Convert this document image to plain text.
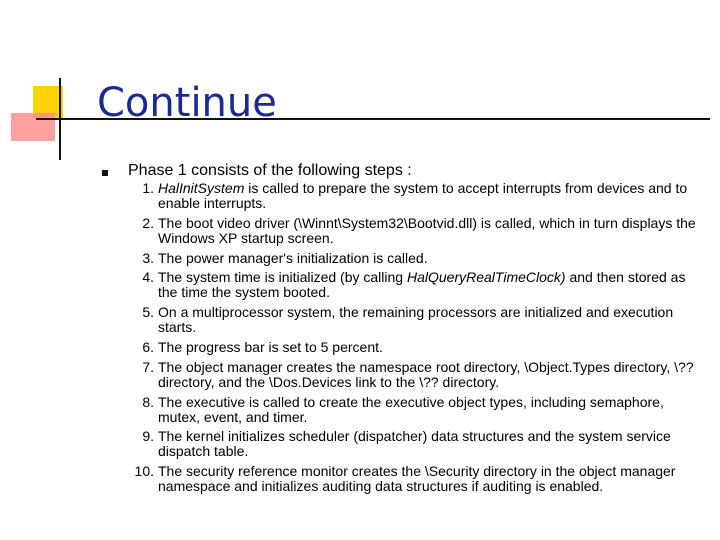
Continue
Phase 1 consists of the following steps :
1. HalInitSystem is called to prepare the system to accept interrupts from devices and to enable interrupts.
2. The boot video driver (\Winnt\System32\Bootvid.dll) is called, which in turn displays the Windows XP startup screen.
3. The power manager's initialization is called.
4. The system time is initialized (by calling HalQueryRealTimeClock) and then stored as the time the system booted.
5. On a multiprocessor system, the remaining processors are initialized and execution starts.
6. The progress bar is set to 5 percent.
7. The object manager creates the namespace root directory, \Object.Types directory, \?? directory, and the \Dos.Devices link to the \?? directory.
8. The executive is called to create the executive object types, including semaphore, mutex, event, and timer.
9. The kernel initializes scheduler (dispatcher) data structures and the system service dispatch table.
10. The security reference monitor creates the \Security directory in the object manager namespace and initializes auditing data structures if auditing is enabled.
